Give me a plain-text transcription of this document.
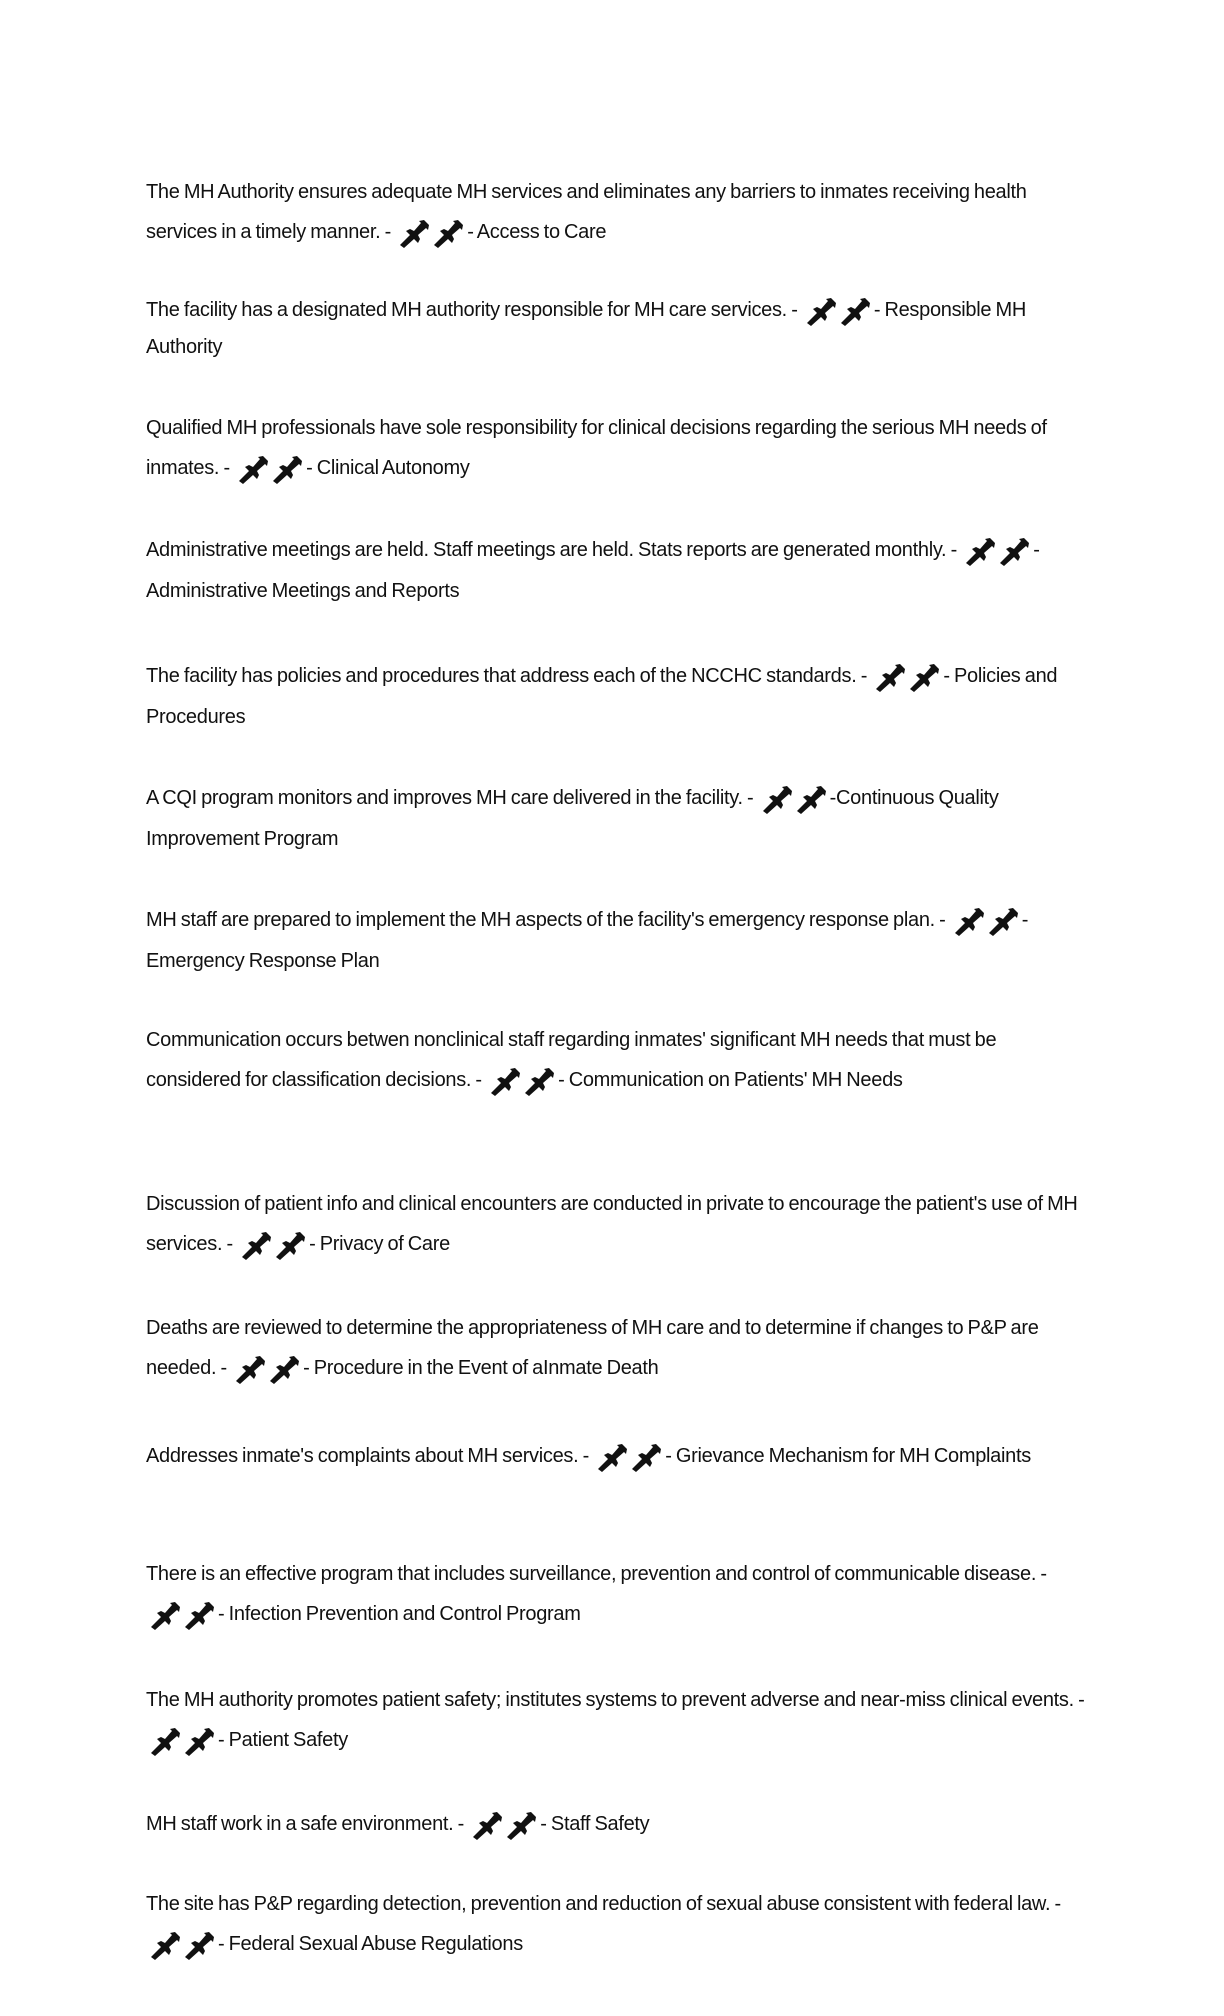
The MH Authority ensures adequate MH services and eliminates any barriers to inmates receiving health services in a timely manner. -	- Access to Care

The facility has a designated MH authority responsible for MH care services. -	- Responsible MH Authority

Qualified MH professionals have sole responsibility for clinical decisions regarding the serious MH needs of inmates. -	- Clinical Autonomy

Administrative meetings are held. Staff meetings are held. Stats reports are generated monthly. -	- Administrative Meetings and Reports

The facility has policies and procedures that address each of the NCCHC standards. -	- Policies and Procedures

A CQI program monitors and improves MH care delivered in the facility. -	-Continuous Quality Improvement Program

MH staff are prepared to implement the MH aspects of the facility's emergency response plan. -	- Emergency Response Plan

Communication occurs betwen nonclinical staff regarding inmates' significant MH needs that must be considered for classification decisions. -	- Communication on Patients' MH Needs

Discussion of patient info and clinical encounters are conducted in private to encourage the patient's use of MH services. -	- Privacy of Care

Deaths are reviewed to determine the appropriateness of MH care and to determine if changes to P&P are needed. -	- Procedure in the Event of aInmate Death

Addresses inmate's complaints about MH services. -	- Grievance Mechanism for MH Complaints

There is an effective program that includes surveillance, prevention and control of communicable disease. -
- Infection Prevention and Control Program

The MH authority promotes patient safety; institutes systems to prevent adverse and near-miss clinical events. -
- Patient Safety

MH staff work in a safe environment. -	- Staff Safety

The site has P&P regarding detection, prevention and reduction of sexual abuse consistent with federal law. -
- Federal Sexual Abuse Regulations
